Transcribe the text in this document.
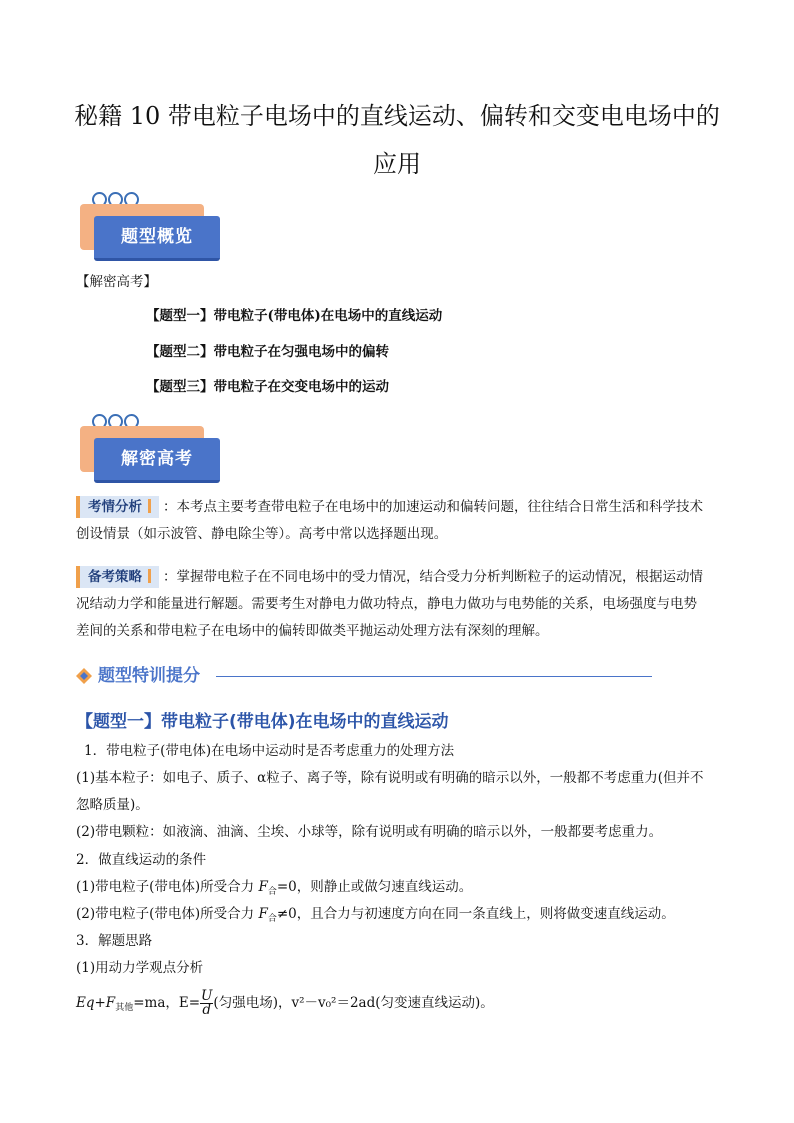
秘籍 10 带电粒子电场中的直线运动、偏转和交变电电场中的
应用
题型概览
【解密高考】
【题型一】带电粒子(带电体)在电场中的直线运动
【题型二】带电粒子在匀强电场中的偏转
【题型三】带电粒子在交变电场中的运动
解密高考
考情分析 ：本考点主要考查带电粒子在电场中的加速运动和偏转问题，往往结合日常生活和科学技术
创设情景（如示波管、静电除尘等）。高考中常以选择题出现。
备考策略 ：掌握带电粒子在不同电场中的受力情况，结合受力分析判断粒子的运动情况，根据运动情
况结动力学和能量进行解题。需要考生对静电力做功特点，静电力做功与电势能的关系，电场强度与电势
差间的关系和带电粒子在电场中的偏转即做类平抛运动处理方法有深刻的理解。
题型特训提分
【题型一】带电粒子(带电体)在电场中的直线运动
1．带电粒子(带电体)在电场中运动时是否考虑重力的处理方法
(1)基本粒子：如电子、质子、α粒子、离子等，除有说明或有明确的暗示以外，一般都不考虑重力(但并不
忽略质量)。
(2)带电颗粒：如液滴、油滴、尘埃、小球等，除有说明或有明确的暗示以外，一般都要考虑重力。
2．做直线运动的条件
(1)带电粒子(带电体)所受合力 $F_合=0$，则静止或做匀速直线运动。
(2)带电粒子(带电体)所受合力 $F_合\ne 0$，且合力与初速度方向在同一条直线上，则将做变速直线运动。
3．解题思路
(1)用动力学观点分析
$Eq+F_{其他}=ma$，$E= \frac{U}{d}$ (匀强电场)，v²－v₀²＝2ad(匀变速直线运动)。
